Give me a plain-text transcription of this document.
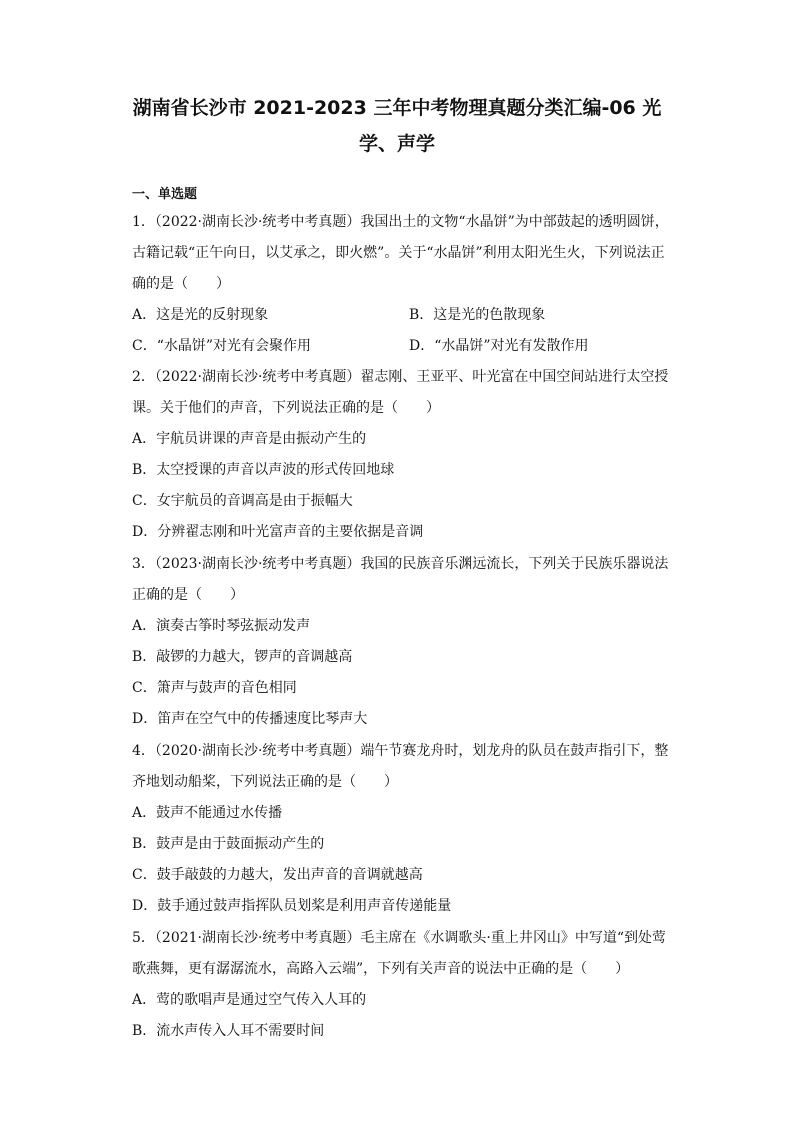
湖南省长沙市 2021-2023 三年中考物理真题分类汇编-06 光
学、声学
一、单选题
1．（2022·湖南长沙·统考中考真题）我国出土的文物“水晶饼”为中部鼓起的透明圆饼，
古籍记载“正午向日，以艾承之，即火燃”。关于“水晶饼”利用太阳光生火，下列说法正
确的是（　　）
A．这是光的反射现象	B．这是光的色散现象
C．“水晶饼”对光有会聚作用	D．“水晶饼”对光有发散作用
2．（2022·湖南长沙·统考中考真题）翟志刚、王亚平、叶光富在中国空间站进行太空授
课。关于他们的声音，下列说法正确的是（　　）
A．宇航员讲课的声音是由振动产生的
B．太空授课的声音以声波的形式传回地球
C．女宇航员的音调高是由于振幅大
D．分辨翟志刚和叶光富声音的主要依据是音调
3．（2023·湖南长沙·统考中考真题）我国的民族音乐渊远流长，下列关于民族乐器说法
正确的是（　　）
A．演奏古筝时琴弦振动发声
B．敲锣的力越大，锣声的音调越高
C．箫声与鼓声的音色相同
D．笛声在空气中的传播速度比琴声大
4．（2020·湖南长沙·统考中考真题）端午节赛龙舟时，划龙舟的队员在鼓声指引下，整
齐地划动船桨，下列说法正确的是（　　）
A．鼓声不能通过水传播
B．鼓声是由于鼓面振动产生的
C．鼓手敲鼓的力越大，发出声音的音调就越高
D．鼓手通过鼓声指挥队员划桨是利用声音传递能量
5．（2021·湖南长沙·统考中考真题）毛主席在《水调歌头·重上井冈山》中写道“到处莺
歌燕舞，更有潺潺流水，高路入云端”，下列有关声音的说法中正确的是（　　）
A．莺的歌唱声是通过空气传入人耳的
B．流水声传入人耳不需要时间
